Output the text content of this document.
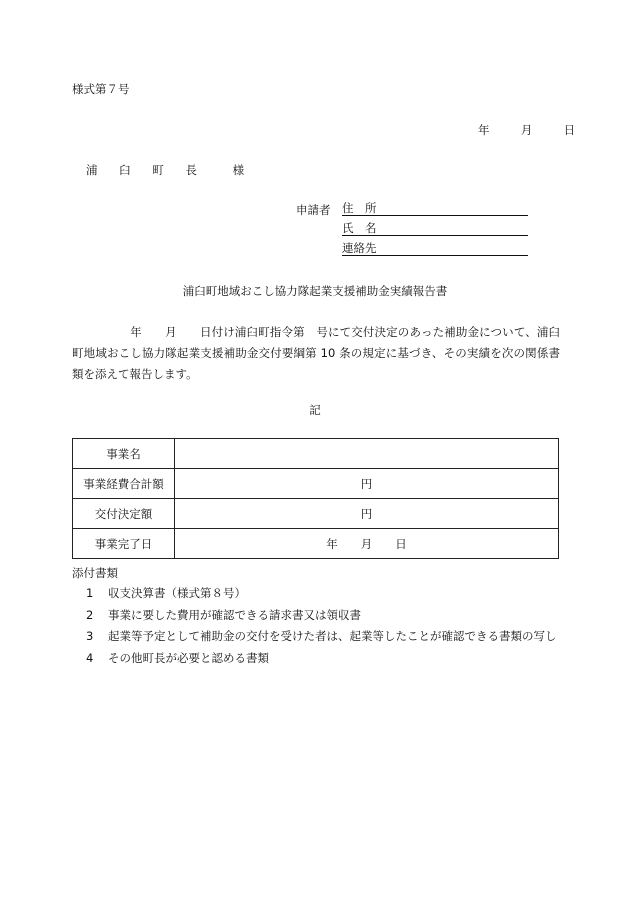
様式第７号
年	月	日
浦 臼 町 長	様
申請者 住　所
氏　名
連絡先
浦臼町地域おこし協力隊起業支援補助金実績報告書
　　　　　年　　月　　日付け浦臼町指令第　号にて交付決定のあった補助金について、浦臼町地域おこし協力隊起業支援補助金交付要綱第 10 条の規定に基づき、その実績を次の関係書類を添えて報告します。
記
事業名	
事業経費合計額	円
交付決定額	円
事業完了日	年　　月　　日
添付書類
1 収支決算書（様式第８号）
2 事業に要した費用が確認できる請求書又は領収書
3 起業等予定として補助金の交付を受けた者は、起業等したことが確認できる書類の写し
4 その他町長が必要と認める書類
